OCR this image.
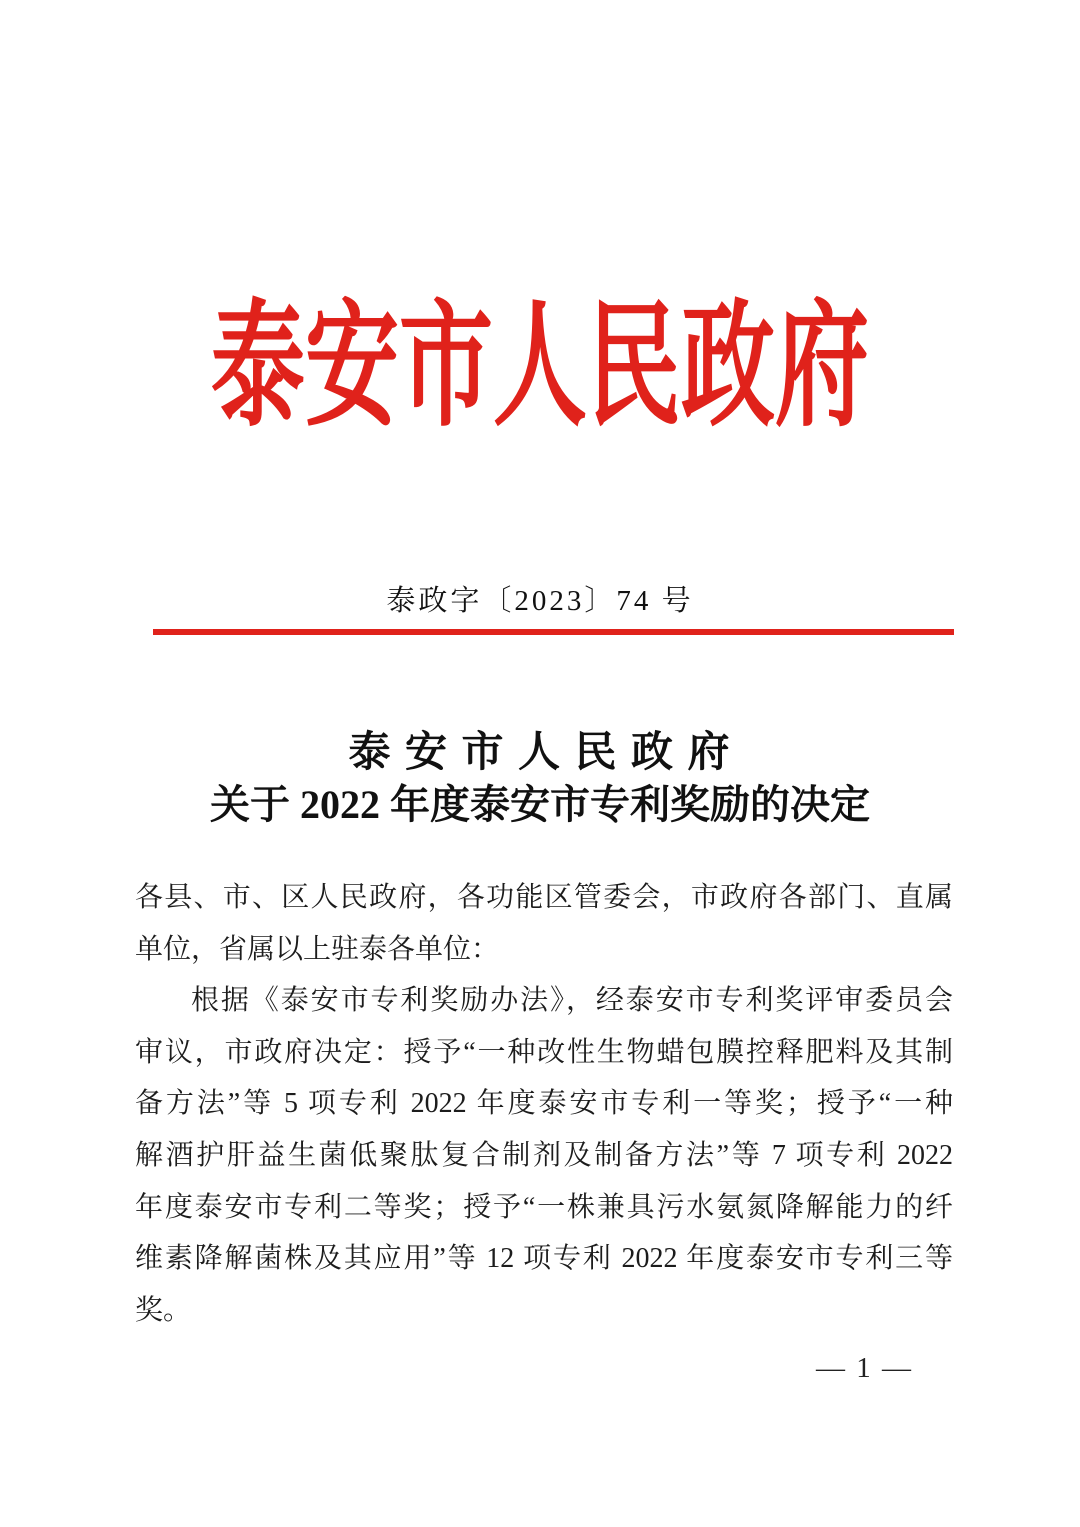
泰安市人民政府
泰政字〔2023〕74 号
泰 安 市 人 民 政 府
关于 2022 年度泰安市专利奖励的决定
各县、市、区人民政府，各功能区管委会，市政府各部门、直属
单位，省属以上驻泰各单位：
根据《泰安市专利奖励办法》，经泰安市专利奖评审委员会
审议，市政府决定：授予“一种改性生物蜡包膜控释肥料及其制
备方法”等 5 项专利 2022 年度泰安市专利一等奖；授予“一种
解酒护肝益生菌低聚肽复合制剂及制备方法”等 7 项专利 2022
年度泰安市专利二等奖；授予“一株兼具污水氨氮降解能力的纤
维素降解菌株及其应用”等 12 项专利 2022 年度泰安市专利三等
奖。
— 1 —
